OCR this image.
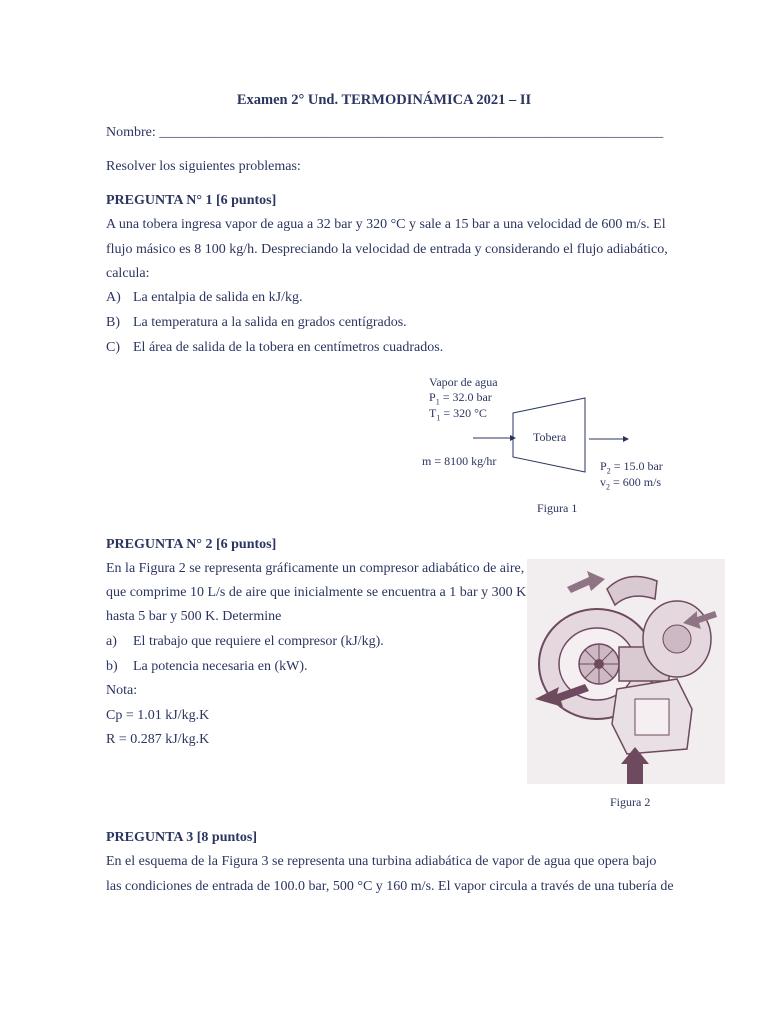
Examen 2° Und. TERMODINÁMICA 2021 – II
Nombre: ________________________________________________________________________
Resolver los siguientes problemas:
PREGUNTA N° 1 [6 puntos]
A una tobera ingresa vapor de agua a 32 bar y 320 °C y sale a 15 bar a una velocidad de 600 m/s. El
flujo másico es 8 100 kg/h. Despreciando la velocidad de entrada y considerando el flujo adiabático,
calcula:
A) La entalpia de salida en kJ/kg.
B) La temperatura a la salida en grados centígrados.
C) El área de salida de la tobera en centímetros cuadrados.
Vapor de agua
$P_1 = 32.0$ bar
$T_1 = 320$ °C
Tobera
m = 8100 kg/hr	$P_2 = 15.0$ bar
$v_2 = 600$ m/s
Figura 1
PREGUNTA N° 2 [6 puntos]
En la Figura 2 se representa gráficamente un compresor adiabático de aire,
que comprime 10 L/s de aire que inicialmente se encuentra a 1 bar y 300 K
hasta 5 bar y 500 K. Determine
a) El trabajo que requiere el compresor (kJ/kg).
b) La potencia necesaria en (kW).
Nota:
Cp = 1.01 kJ/kg.K
R = 0.287 kJ/kg.K
Figura 2
PREGUNTA 3 [8 puntos]
En el esquema de la Figura 3 se representa una turbina adiabática de vapor de agua que opera bajo
las condiciones de entrada de 100.0 bar, 500 °C y 160 m/s. El vapor circula a través de una tubería de
